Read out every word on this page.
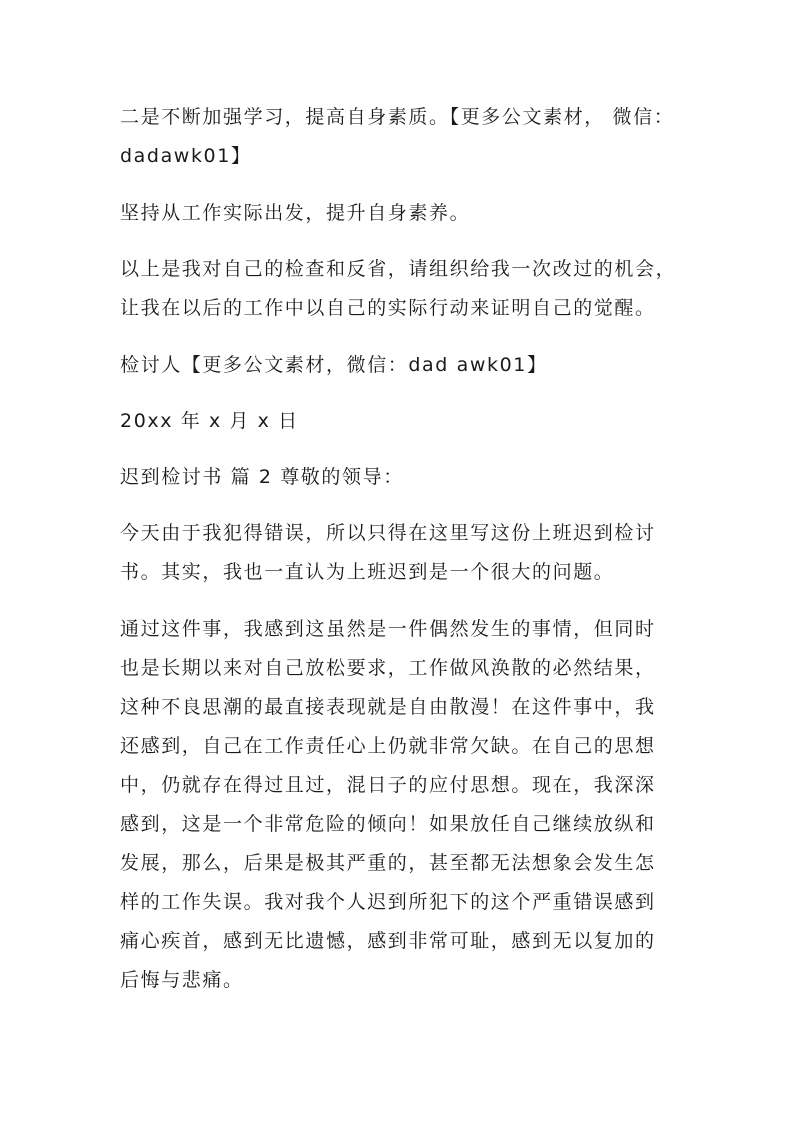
二是不断加强学习，提高自身素质。【更多公文素材， 微信：
dadawk01】

坚持从工作实际出发，提升自身素养。

以上是我对自己的检查和反省，请组织给我一次改过的机会，
让我在以后的工作中以自己的实际行动来证明自己的觉醒。

检讨人【更多公文素材，微信：dad awk01】

20xx 年 x 月 x 日

迟到检讨书 篇 2 尊敬的领导：

今天由于我犯得错误，所以只得在这里写这份上班迟到检讨
书。其实，我也一直认为上班迟到是一个很大的问题。

通过这件事，我感到这虽然是一件偶然发生的事情，但同时
也是长期以来对自己放松要求，工作做风涣散的必然结果，
这种不良思潮的最直接表现就是自由散漫！在这件事中，我
还感到，自己在工作责任心上仍就非常欠缺。在自己的思想
中，仍就存在得过且过，混日子的应付思想。现在，我深深
感到，这是一个非常危险的倾向！如果放任自己继续放纵和
发展，那么，后果是极其严重的，甚至都无法想象会发生怎
样的工作失误。我对我个人迟到所犯下的这个严重错误感到
痛心疾首，感到无比遗憾，感到非常可耻，感到无以复加的
后悔与悲痛。
